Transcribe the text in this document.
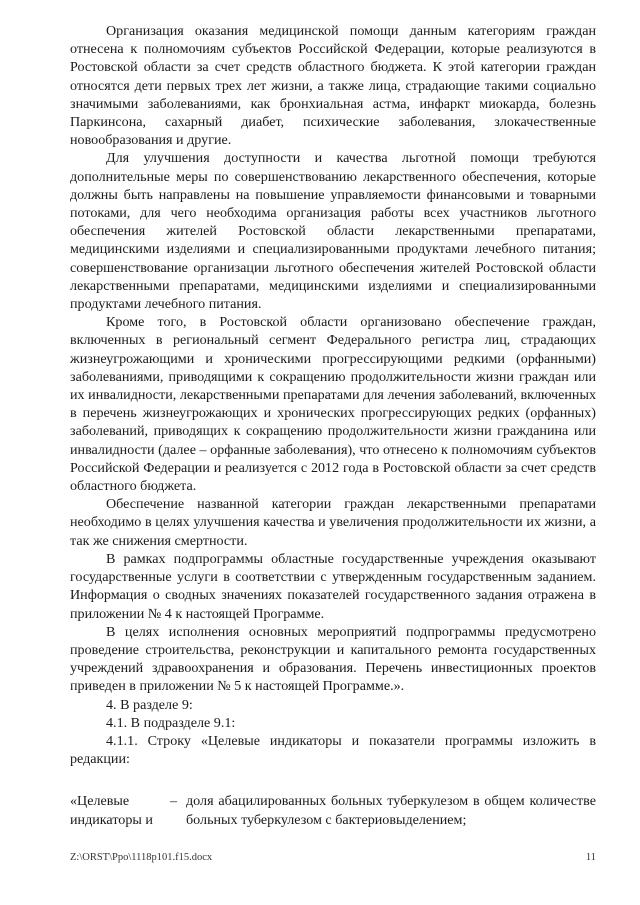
Организация оказания медицинской помощи данным категориям граждан отнесена к полномочиям субъектов Российской Федерации, которые реализуются в Ростовской области за счет средств областного бюджета. К этой категории граждан относятся дети первых трех лет жизни, а также лица, страдающие такими социально значимыми заболеваниями, как бронхиальная астма, инфаркт миокарда, болезнь Паркинсона, сахарный диабет, психические заболевания, злокачественные новообразования и другие.

Для улучшения доступности и качества льготной помощи требуются дополнительные меры по совершенствованию лекарственного обеспечения, которые должны быть направлены на повышение управляемости финансовыми и товарными потоками, для чего необходима организация работы всех участников льготного обеспечения жителей Ростовской области лекарственными препаратами, медицинскими изделиями и специализированными продуктами лечебного питания; совершенствование организации льготного обеспечения жителей Ростовской области лекарственными препаратами, медицинскими изделиями и специализированными продуктами лечебного питания.

Кроме того, в Ростовской области организовано обеспечение граждан, включенных в региональный сегмент Федерального регистра лиц, страдающих жизнеугрожающими и хроническими прогрессирующими редкими (орфанными) заболеваниями, приводящими к сокращению продолжительности жизни граждан или их инвалидности, лекарственными препаратами для лечения заболеваний, включенных в перечень жизнеугрожающих и хронических прогрессирующих редких (орфанных) заболеваний, приводящих к сокращению продолжительности жизни гражданина или инвалидности (далее – орфанные заболевания), что отнесено к полномочиям субъектов Российской Федерации и реализуется с 2012 года в Ростовской области за счет средств областного бюджета.

Обеспечение названной категории граждан лекарственными препаратами необходимо в целях улучшения качества и увеличения продолжительности их жизни, а так же снижения смертности.

В рамках подпрограммы областные государственные учреждения оказывают государственные услуги в соответствии с утвержденным государственным заданием. Информация о сводных значениях показателей государственного задания отражена в приложении № 4 к настоящей Программе.

В целях исполнения основных мероприятий подпрограммы предусмотрено проведение строительства, реконструкции и капитального ремонта государственных учреждений здравоохранения и образования. Перечень инвестиционных проектов приведен в приложении № 5 к настоящей Программе.».

4. В разделе 9:

4.1. В подразделе 9.1:

4.1.1. Строку «Целевые индикаторы и показатели программы изложить в редакции:

«Целевые индикаторы и
– доля абацилированных больных туберкулезом в общем количестве больных туберкулезом с бактериовыделением;
Z:\ORST\Ppo\1118p101.f15.docx	11
